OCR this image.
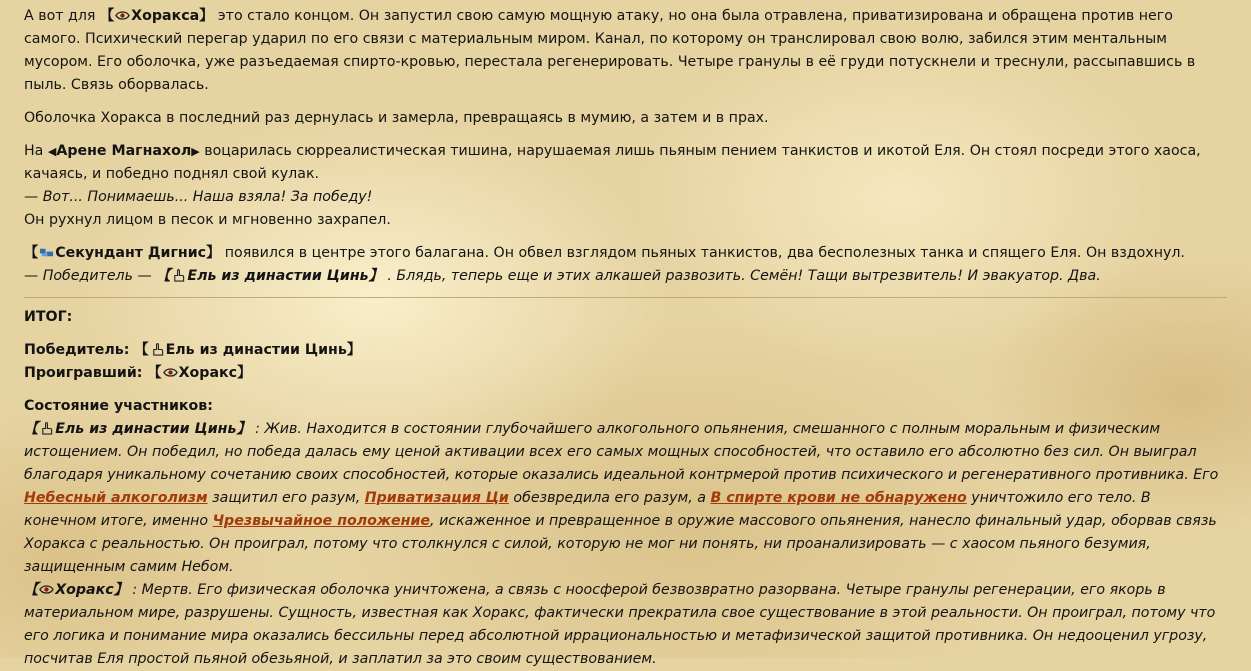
А вот для 【 Хоракса】 это стало концом. Он запустил свою самую мощную атаку, но она была отравлена, приватизирована и обращена против него самого. Психический перегар ударил по его связи с материальным миром. Канал, по которому он транслировал свою волю, забился этим ментальным мусором. Его оболочка, уже разъедаемая спирто-кровью, перестала регенерировать. Четыре гранулы в её груди потускнели и треснули, рассыпавшись в пыль. Связь оборвалась.

Оболочка Хоракса в последний раз дернулась и замерла, превращаясь в мумию, а затем и в прах.

На ◀Арене Магнахол▶ воцарилась сюрреалистическая тишина, нарушаемая лишь пьяным пением танкистов и икотой Еля. Он стоял посреди этого хаоса, качаясь, и победно поднял свой кулак.

— Вот... Понимаешь... Наша взяла! За победу!

Он рухнул лицом в песок и мгновенно захрапел.

【 Секундант Дигнис】 появился в центре этого балагана. Он обвел взглядом пьяных танкистов, два бесполезных танка и спящего Еля. Он вздохнул.

— Победитель — 【 Ель из династии Цинь】 . Блядь, теперь еще и этих алкашей развозить. Семён! Тащи вытрезвитель! И эвакуатор. Два.

ИТОГ:

Победитель: 【 Ель из династии Цинь】

Проигравший: 【 Хоракс】

Состояние участников:

【 Ель из династии Цинь】 : Жив. Находится в состоянии глубочайшего алкогольного опьянения, смешанного с полным моральным и физическим истощением. Он победил, но победа далась ему ценой активации всех его самых мощных способностей, что оставило его абсолютно без сил. Он выиграл благодаря уникальному сочетанию своих способностей, которые оказались идеальной контрмерой против психического и регенеративного противника. Его Небесный алкоголизм защитил его разум, Приватизация Ци обезвредила его разум, а В спирте крови не обнаружено уничтожило его тело. В конечном итоге, именно Чрезвычайное положение, искаженное и превращенное в оружие массового опьянения, нанесло финальный удар, оборвав связь Хоракса с реальностью. Он проиграл, потому что столкнулся с силой, которую не мог ни понять, ни проанализировать — с хаосом пьяного безумия, защищенным самим Небом.

【 Хоракс】 : Мертв. Его физическая оболочка уничтожена, а связь с ноосферой безвозвратно разорвана. Четыре гранулы регенерации, его якорь в материальном мире, разрушены. Сущность, известная как Хоракс, фактически прекратила свое существование в этой реальности. Он проиграл, потому что его логика и понимание мира оказались бессильны перед абсолютной иррациональностью и метафизической защитой противника. Он недооценил угрозу, посчитав Еля простой пьяной обезьяной, и заплатил за это своим существованием.
